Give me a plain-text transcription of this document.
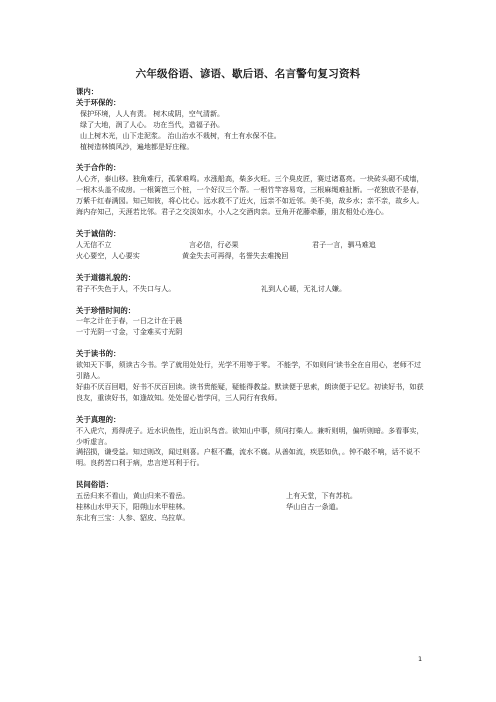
六年级俗语、谚语、歇后语、名言警句复习资料

课内：

关于环保的：

保护环境，人人有责。 树木成阴，空气清新。

绿了大地，润了人心。 功在当代，造福子孙。

山上树木光，山下走泥浆。 治山治水不栽树，有土有水保不住。

植树造林镇风沙，遍地都是好庄稼。

关于合作的：

人心齐，泰山移。独角难行，孤掌难鸣。水涨船高，柴多火旺。三个臭皮匠，赛过诸葛亮。一块砖头砌不成墙，一根木头盖不成房。一根篱笆三个桩，一个好汉三个帮。一根竹竿容易弯，三根麻绳难扯断。一花独放不是春，万紫千红春满园。知己知彼，将心比心。远水救不了近火，远亲不如近邻。美不美，故乡水；亲不亲，故乡人。海内存知己，天涯若比邻。君子之交淡如水，小人之交酒肉亲。豆角开花藤牵藤，朋友相处心连心。

关于诚信的：

人无信不立	言必信，行必果	君子一言，驷马难追
火心要空，人心要实	黄金失去可再得，名誉失去难挽回

关于道德礼貌的：

君子不失色于人，不失口与人。	礼到人心暖，无礼讨人嫌。

关于珍惜时间的：

一年之计在于春，一日之计在于晨

一寸光阴一寸金，寸金难买寸光阴

关于读书的：

欲知天下事，须读古今书。学了就用处处行，光学不用等于零。 不能学，不如则问‘读书全在自用心，老师不过引路人。

好曲不厌百回唱，好书不厌百回读。读书贵能疑，疑能得教益。默读便于思索，朗读便于记忆。初读好书，如获良友，重读好书，如逢故知。处处留心皆学问，三人同行有我师。

关于真理的：

不入虎穴，焉得虎子。近水识鱼性，近山识鸟音。欲知山中事，须问打柴人。兼听则明，偏听则暗。多看事实，少听虚言。

满招损，谦受益。知过则改，闻过则喜。户枢不蠹，流水不腐。从善如流，疾恶如仇，。钟不敲不响，话不说不明。良药苦口利于病，忠言逆耳利于行。

民间俗语：

五岳归来不看山，黄山归来不看岳。	上有天堂，下有苏杭。
桂林山水甲天下，阳朔山水甲桂林。	华山自古一条道。

东北有三宝：人参、貂皮、乌拉草。

1
